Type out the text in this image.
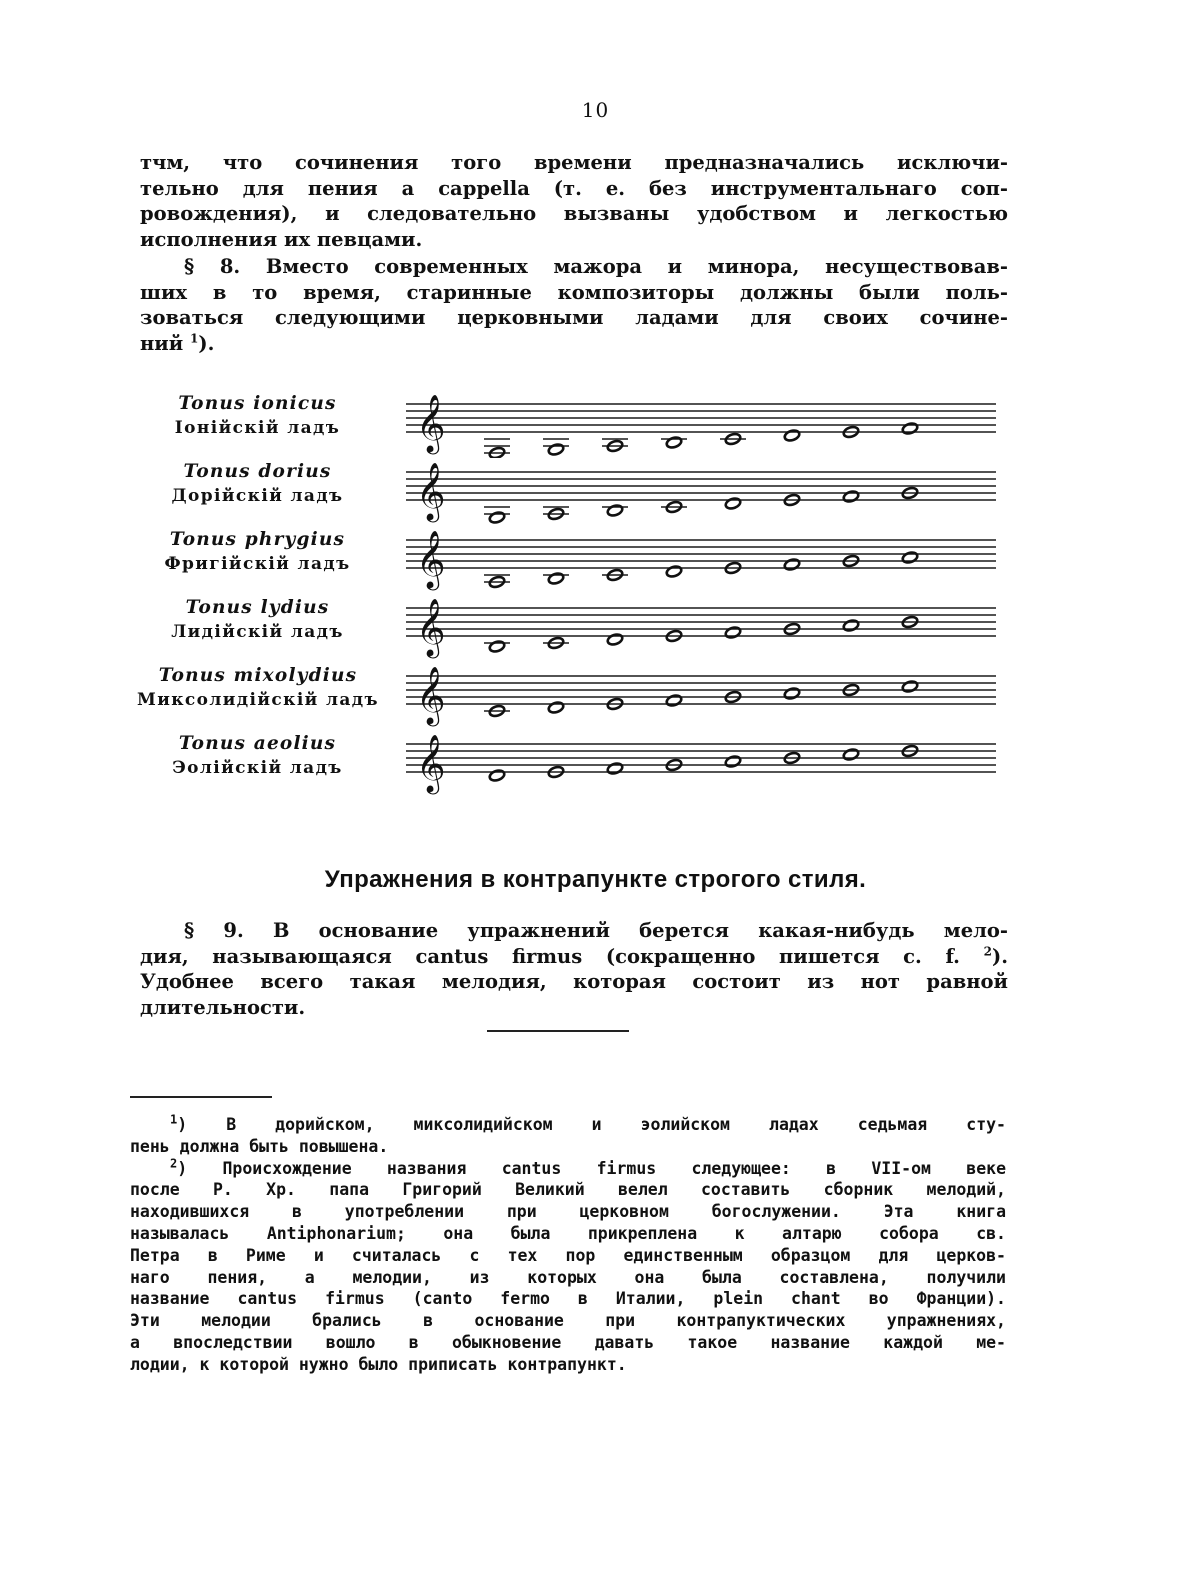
10

тчм, что сочинения того времени предназначались исключи-
тельно для пения a cappella (т. е. без инструментальнаго соп-
ровождения), и следовательно вызваны удобством и легкостью
исполнения их певцами.

§ 8. Вместо современных мажора и минора, несуществовав-
ших в то время, старинные композиторы должны были поль-
зоваться следующими церковными ладами для своих сочине-
ний $^1$).

Tonus ionicus
Іонійскій ладъ	𝄞
Tonus dorius
Дорійскій ладъ	𝄞
Tonus phrygius
Фригійскій ладъ	𝄞
Tonus lydius
Лидійскій ладъ	𝄞
Tonus mixolydius
Миксолидійскій ладъ 𝄞
Tonus aeolius
Эолійскій ладъ	𝄞
Упражнения в контрапункте строгого стиля.

§ 9. В основание упражнений берется какая-нибудь мело-
дия, называющаяся cantus firmus (сокращенно пишется с. f. $^2$).
Удобнее всего такая мелодия, которая состоит из нот равной
длительности.

$^1$) В дорийском, миксолидийском и эолийском ладах седьмая сту-
пень должна быть повышена.

$^2$) Происхождение названия cantus firmus следующее: в VII-ом веке
после Р. Хр. папа Григорий Великий велел составить сборник мелодий,
находившихся в употреблении при церковном богослужении. Эта книга
называлась Antiphonarium; она была прикреплена к алтарю собора св.
Петра в Риме и считалась с тех пор единственным образцом для церков-
наго пения, а мелодии, из которых она была составлена, получили
название cantus firmus (canto fermo в Италии, plein chant во Франции).
Эти мелодии брались в основание при контрапуктических упражнениях,
а впоследствии вошло в обыкновение давать такое название каждой ме-
лодии, к которой нужно было приписать контрапункт.
